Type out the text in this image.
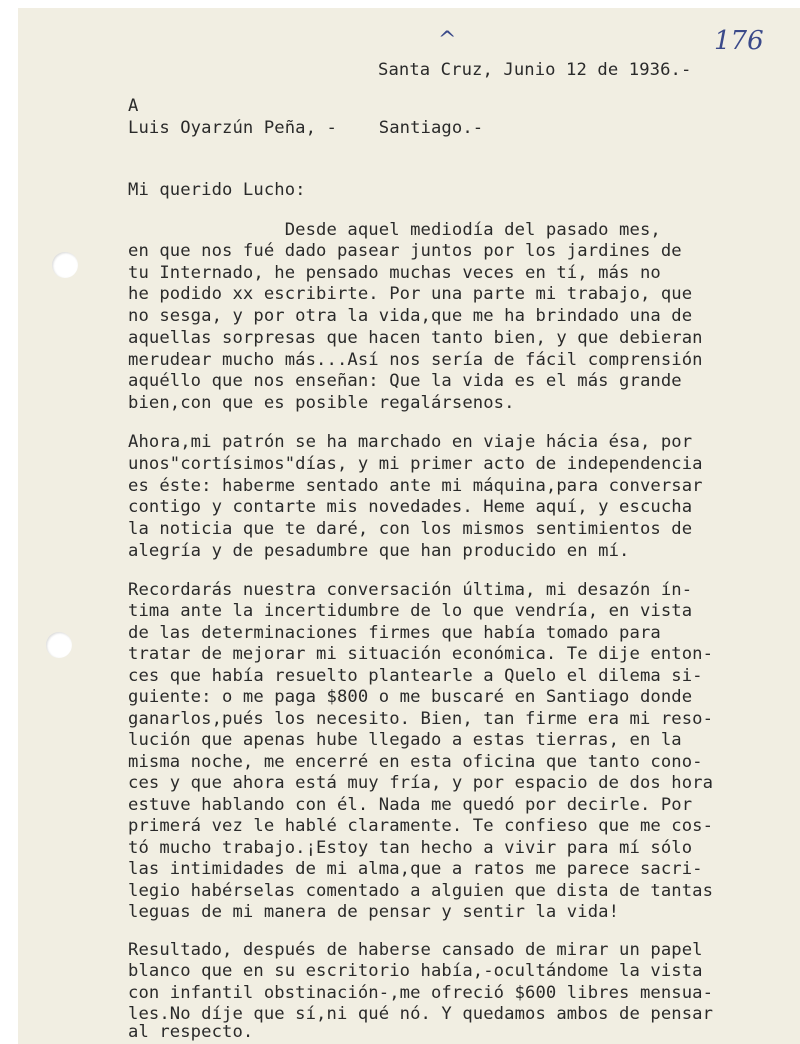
176
^
Santa Cruz, Junio 12 de 1936.-
A
Luis Oyarzún Peña, -    Santiago.-
Mi querido Lucho:
Desde aquel mediodía del pasado mes,
en que nos fué dado pasear juntos por los jardines de
tu Internado, he pensado muchas veces en tí, más no
he podido xx escribirte. Por una parte mi trabajo, que
no sesga, y por otra la vida,que me ha brindado una de
aquellas sorpresas que hacen tanto bien, y que debieran
merudear mucho más...Así nos sería de fácil comprensión
aquéllo que nos enseñan: Que la vida es el más grande
bien,con que es posible regalársenos.
Ahora,mi patrón se ha marchado en viaje hácia ésa, por
unos"cortísimos"días, y mi primer acto de independencia
es éste: haberme sentado ante mi máquina,para conversar
contigo y contarte mis novedades. Heme aquí, y escucha
la noticia que te daré, con los mismos sentimientos de
alegría y de pesadumbre que han producido en mí.
Recordarás nuestra conversación última, mi desazón ín-
tima ante la incertidumbre de lo que vendría, en vista
de las determinaciones firmes que había tomado para
tratar de mejorar mi situación económica. Te dije enton-
ces que había resuelto plantearle a Quelo el dilema si-
guiente: o me paga $800 o me buscaré en Santiago donde
ganarlos,pués los necesito. Bien, tan firme era mi reso-
lución que apenas hube llegado a estas tierras, en la
misma noche, me encerré en esta oficina que tanto cono-
ces y que ahora está muy fría, y por espacio de dos hora
estuve hablando con él. Nada me quedó por decirle. Por
primerá vez le hablé claramente. Te confieso que me cos-
tó mucho trabajo.¡Estoy tan hecho a vivir para mí sólo
las intimidades de mi alma,que a ratos me parece sacri-
legio habérselas comentado a alguien que dista de tantas
leguas de mi manera de pensar y sentir la vida!
Resultado, después de haberse cansado de mirar un papel
blanco que en su escritorio había,-ocultándome la vista
con infantil obstinación-,me ofreció $600 libres mensua-
les.No díje que sí,ni qué nó. Y quedamos ambos de pensar
al respecto.
